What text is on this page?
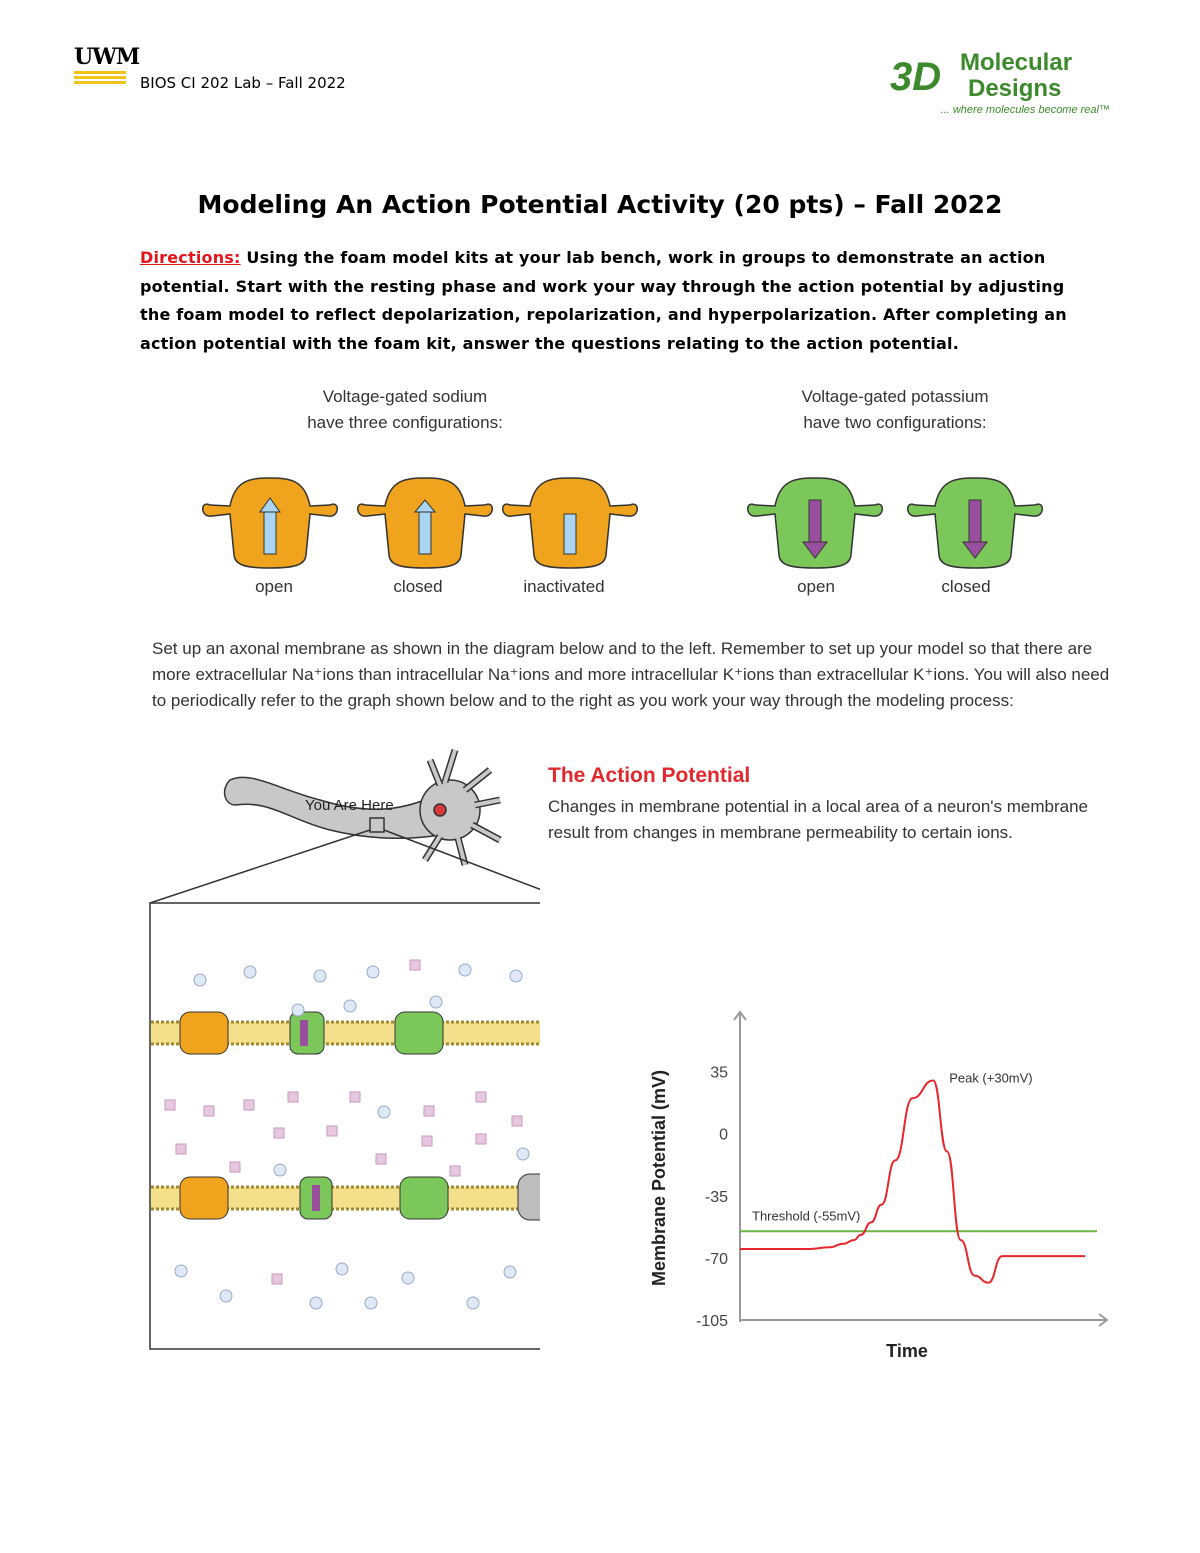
UWM
BIOS CI 202 Lab – Fall 2022	3D Molecular
Designs
... where molecules become real™
Modeling An Action Potential Activity (20 pts) – Fall 2022
Directions: Using the foam model kits at your lab bench, work in groups to demonstrate an action potential. Start with the resting phase and work your way through the action potential by adjusting the foam model to reflect depolarization, repolarization, and hyperpolarization. After completing an action potential with the foam kit, answer the questions relating to the action potential.
Voltage-gated sodium
have three configurations:
Voltage-gated potassium
have two configurations:
open	closed	inactivated	open	closed
Set up an axonal membrane as shown in the diagram below and to the left. Remember to set up your model so that there are more extracellular Na⁺ions than intracellular Na⁺ions and more intracellular K⁺ions than extracellular K⁺ions. You will also need to periodically refer to the graph shown below and to the right as you work your way through the modeling process:
You Are Here
The Action Potential
Changes in membrane potential in a local area of a neuron's membrane result from changes in membrane permeability to certain ions.
Membrane Potential (mV)
Time
35
0
-35
-70
-105
Threshold (-55mV)
Peak (+30mV)
